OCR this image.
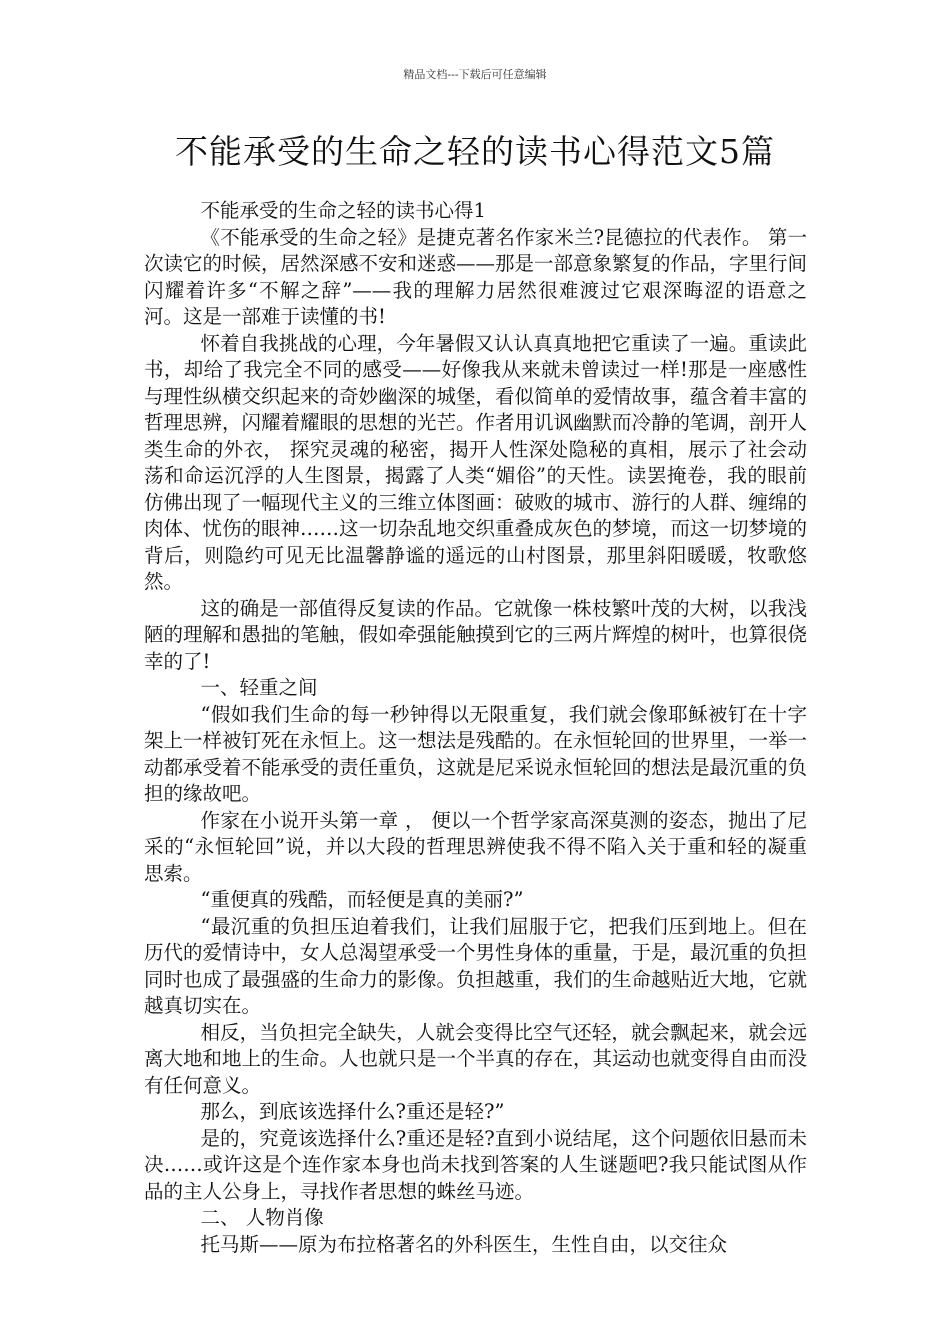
精品文档---下载后可任意编辑
不能承受的生命之轻的读书心得范文5篇

不能承受的生命之轻的读书心得1

《不能承受的生命之轻》是捷克著名作家米兰?昆德拉的代表作。 第一次读它的时候，居然深感不安和迷惑——那是一部意象繁复的作品，字里行间闪耀着许多“不解之辞”——我的理解力居然很难渡过它艰深晦涩的语意之河。这是一部难于读懂的书!

怀着自我挑战的心理，今年暑假又认认真真地把它重读了一遍。重读此书，却给了我完全不同的感受——好像我从来就未曾读过一样!那是一座感性与理性纵横交织起来的奇妙幽深的城堡，看似简单的爱情故事，蕴含着丰富的哲理思辨，闪耀着耀眼的思想的光芒。作者用讥讽幽默而冷静的笔调，剖开人类生命的外衣， 探究灵魂的秘密，揭开人性深处隐秘的真相，展示了社会动荡和命运沉浮的人生图景，揭露了人类“媚俗”的天性。读罢掩卷，我的眼前仿佛出现了一幅现代主义的三维立体图画：破败的城市、游行的人群、缠绵的肉体、忧伤的眼神……这一切杂乱地交织重叠成灰色的梦境，而这一切梦境的背后，则隐约可见无比温馨静谧的遥远的山村图景，那里斜阳暖暖，牧歌悠然。

这的确是一部值得反复读的作品。它就像一株枝繁叶茂的大树，以我浅陋的理解和愚拙的笔触，假如牵强能触摸到它的三两片辉煌的树叶，也算很侥幸的了!

一、轻重之间

“假如我们生命的每一秒钟得以无限重复，我们就会像耶稣被钉在十字架上一样被钉死在永恒上。这一想法是残酷的。在永恒轮回的世界里，一举一动都承受着不能承受的责任重负，这就是尼采说永恒轮回的想法是最沉重的负担的缘故吧。

作家在小说开头第一章 ， 便以一个哲学家高深莫测的姿态，抛出了尼采的“永恒轮回”说，并以大段的哲理思辨使我不得不陷入关于重和轻的凝重思索。

“重便真的残酷，而轻便是真的美丽?”

“最沉重的负担压迫着我们，让我们屈服于它，把我们压到地上。但在历代的爱情诗中，女人总渴望承受一个男性身体的重量，于是，最沉重的负担同时也成了最强盛的生命力的影像。负担越重，我们的生命越贴近大地，它就越真切实在。

相反，当负担完全缺失，人就会变得比空气还轻，就会飘起来，就会远离大地和地上的生命。人也就只是一个半真的存在，其运动也就变得自由而没有任何意义。

那么，到底该选择什么?重还是轻?”

是的，究竟该选择什么?重还是轻?直到小说结尾，这个问题依旧悬而未决……或许这是个连作家本身也尚未找到答案的人生谜题吧?我只能试图从作品的主人公身上，寻找作者思想的蛛丝马迹。

二、 人物肖像

托马斯——原为布拉格著名的外科医生，生性自由，以交往众
